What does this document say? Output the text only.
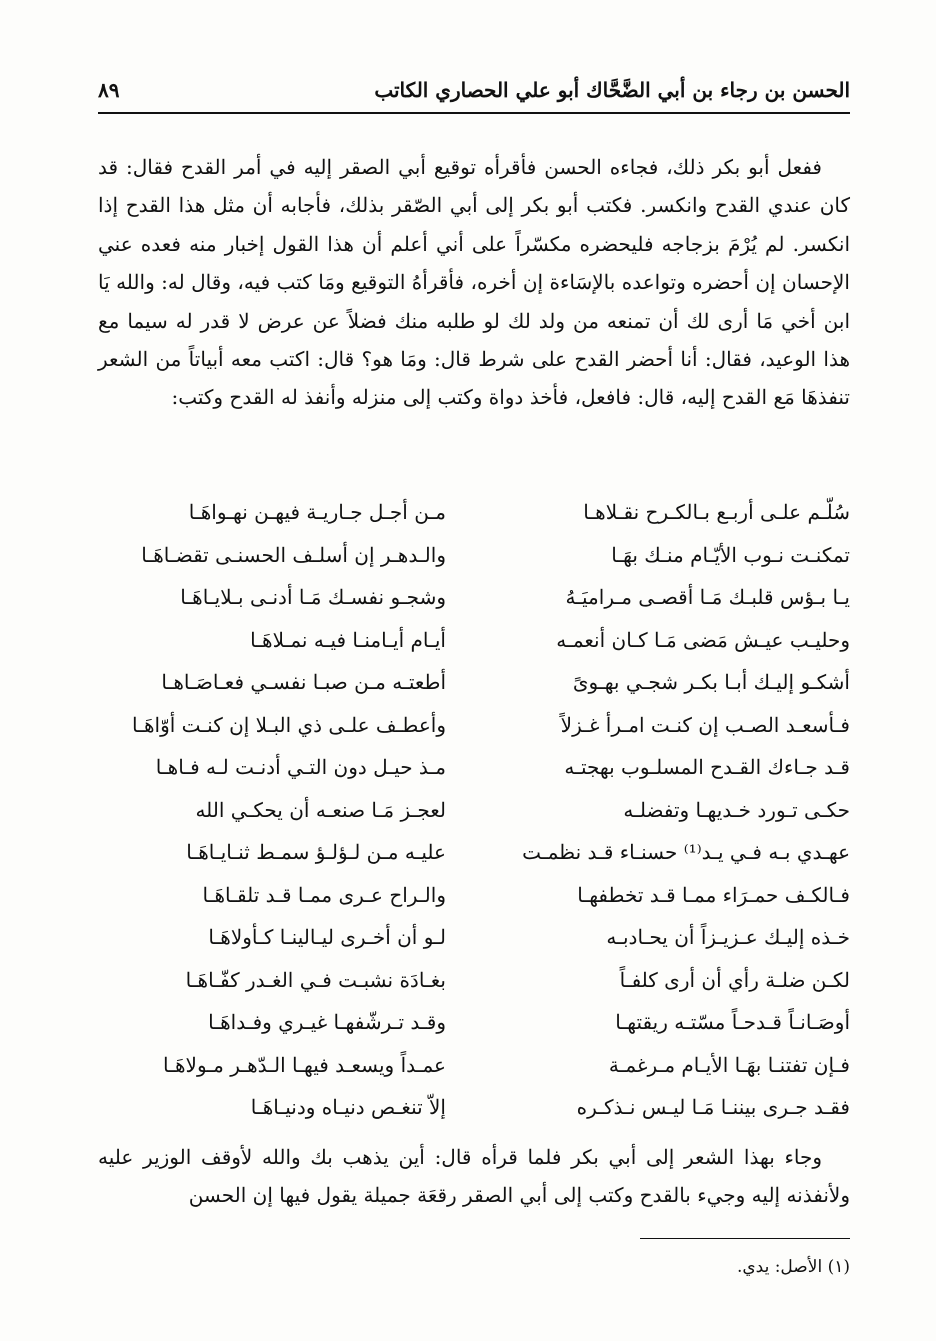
الحسن بن رجاء بن أبي الضَّحَّاك أبو علي الحصاري الكاتب
٨٩

ففعل أبو بكر ذلك، فجاءه الحسن فأقرأه توقيع أبي الصقر إليه في أمر القدح فقال: قد كان عندي القدح وانكسر. فكتب أبو بكر إلى أبي الصّقر بذلك، فأجابه أن مثل هذا القدح إذا انكسر. لم يُرْمَ بزجاجه فليحضره مكسّراً على أني أعلم أن هذا القول إخبار منه فعده عني الإحسان إن أحضره وتواعده بالإسَاءة إن أخره، فأقرأهُ التوقيع ومَا كتب فيه، وقال له: والله يَا ابن أخي مَا أرى لك أن تمنعه من ولد لك لو طلبه منك فضلاً عن عرض لا قدر له سيما مع هذا الوعيد، فقال: أنا أحضر القدح على شرط قال: ومَا هو؟ قال: اكتب معه أبياتاً من الشعر تنفذهَا مَع القدح إليه، قال: فافعل، فأخذ دواة وكتب إلى منزله وأنفذ له القدح وكتب:

سُلّـم علـى أربـع بـالكـرح نقـلاهـا
مـن أجـل جـاريـة فيهـن نهـواهَـا
تمكنـت نـوب الأيّـام منـك بهَـا
والـدهـر إن أسلـف الحسنـى تقضـاهَـا
يـا بـؤس قلبـك مَـا أقصـى مـراميَـهُ
وشجـو نفسـك مَـا أدنـى بـلايـاهَـا
وحليـب عيـش مَضى مَـا كـان أنعمـه
أيـام أيـامنـا فيـه نمـلاهَـا
أشكـو إليـك أبـا بكـر شجـي بهـوىً
أطعتـه مـن صبـا نفسـي فعـاصَـاهـا
فـأسعـد الصـب إن كنـت امـرأ غـزلاً
وأعطـف علـى ذي البـلا إن كنـت أوّاهَـا
قـد جـاءك القـدح المسلـوب بهجتـه
مـذ حيـل دون التـي أدنـت لـه فـاهـا
حكـى تـورد خـديهـا وتفضلـه
لعجـز مَـا صنعـه أن يحكـي الله
عهـدي بـه فـي يـد⁽¹⁾ حسنـاء قـد نظمـت
عليـه مـن لـؤلـؤ سمـط ثنـايـاهَـا
فـالكـف حمـرَاء ممـا قـد تخطفهـا
والـراح عـرى ممـا قـد تلقـاهَـا
خـذه إليـك عـزيـزاً أن يحـادبـه
لـو أن أخـرى ليـالينـا كـأولاهَـا
لكـن ضلـة رأي أن أرى كلفـاً
بغـادَة نشبـت فـي الغـدر كفّـاهَـا
أوصَـانـاً قـدحـاً مسّتـه ريقتهـا
وقـد تـرشّفهـا غيـري وفـداهَـا
فـإن تفتنـا بهَـا الأيـام مـرغمـة
عمـداً ويسعـد فيهـا الـدّهـر مـولاهَـا
فقـد جـرى بيننـا مَـا ليـس نـذكـره
إلاّ تنغـص دنيـاه ودنيـاهَـا

وجاء بهذا الشعر إلى أبي بكر فلما قرأه قال: أين يذهب بك والله لأوقف الوزير عليه ولأنفذنه إليه وجيء بالقدح وكتب إلى أبي الصقر رقعَة جميلة يقول فيها إن الحسن

(١) الأصل: يدي.
